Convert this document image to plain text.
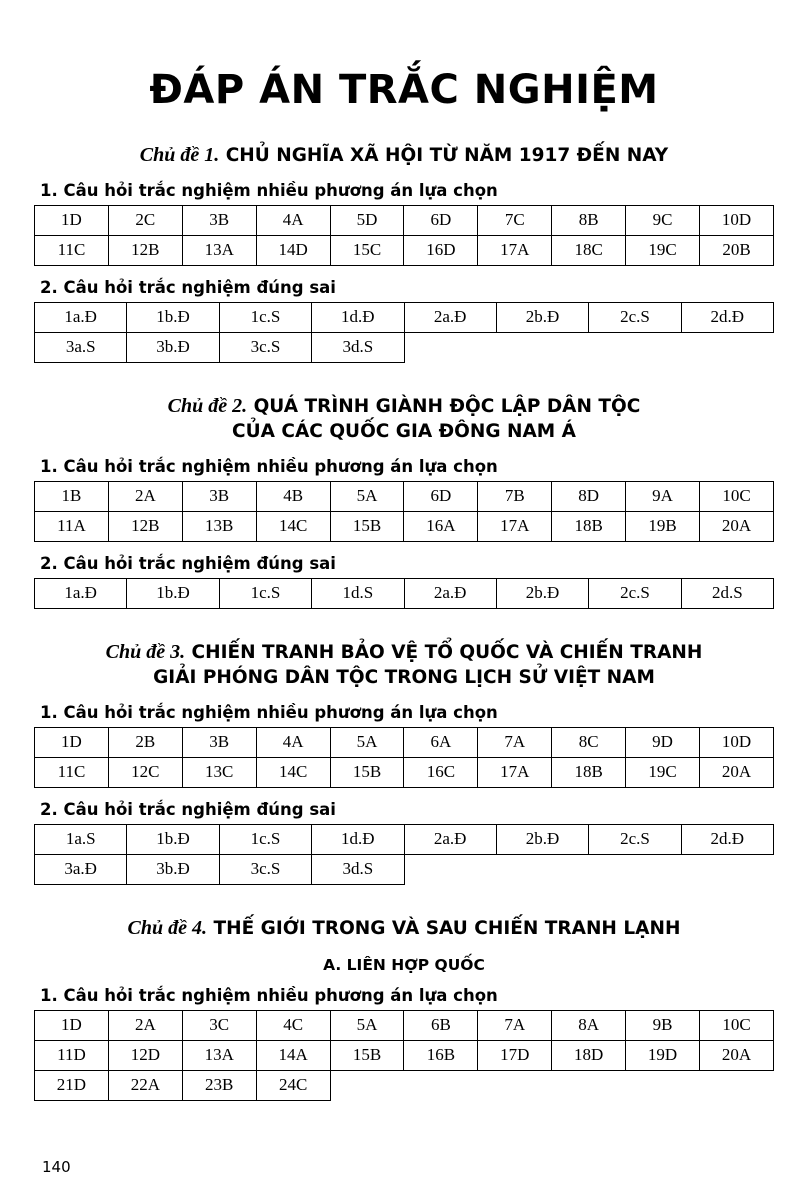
ĐÁP ÁN TRẮC NGHIỆM
Chủ đề 1. CHỦ NGHĨA XÃ HỘI TỪ NĂM 1917 ĐẾN NAY
1. Câu hỏi trắc nghiệm nhiều phương án lựa chọn
1D	2C	3B	4A	5D	6D	7C	8B	9C	10D
11C	12B	13A	14D	15C	16D	17A	18C	19C	20B
2. Câu hỏi trắc nghiệm đúng sai
1a.Đ	1b.Đ	1c.S	1d.Đ	2a.Đ	2b.Đ	2c.S	2d.Đ
3a.S	3b.Đ	3c.S	3d.S				
Chủ đề 2. QUÁ TRÌNH GIÀNH ĐỘC LẬP DÂN TỘC
CỦA CÁC QUỐC GIA ĐÔNG NAM Á
1. Câu hỏi trắc nghiệm nhiều phương án lựa chọn
1B	2A	3B	4B	5A	6D	7B	8D	9A	10C
11A	12B	13B	14C	15B	16A	17A	18B	19B	20A
2. Câu hỏi trắc nghiệm đúng sai
1a.Đ	1b.Đ	1c.S	1d.S	2a.Đ	2b.Đ	2c.S	2d.S
Chủ đề 3. CHIẾN TRANH BẢO VỆ TỔ QUỐC VÀ CHIẾN TRANH
GIẢI PHÓNG DÂN TỘC TRONG LỊCH SỬ VIỆT NAM
1. Câu hỏi trắc nghiệm nhiều phương án lựa chọn
1D	2B	3B	4A	5A	6A	7A	8C	9D	10D
11C	12C	13C	14C	15B	16C	17A	18B	19C	20A
2. Câu hỏi trắc nghiệm đúng sai
1a.S	1b.Đ	1c.S	1d.Đ	2a.Đ	2b.Đ	2c.S	2d.Đ
3a.Đ	3b.Đ	3c.S	3d.S				
Chủ đề 4. THẾ GIỚI TRONG VÀ SAU CHIẾN TRANH LẠNH
A. LIÊN HỢP QUỐC
1. Câu hỏi trắc nghiệm nhiều phương án lựa chọn
1D	2A	3C	4C	5A	6B	7A	8A	9B	10C
11D	12D	13A	14A	15B	16B	17D	18D	19D	20A
21D	22A	23B	24C						
140
